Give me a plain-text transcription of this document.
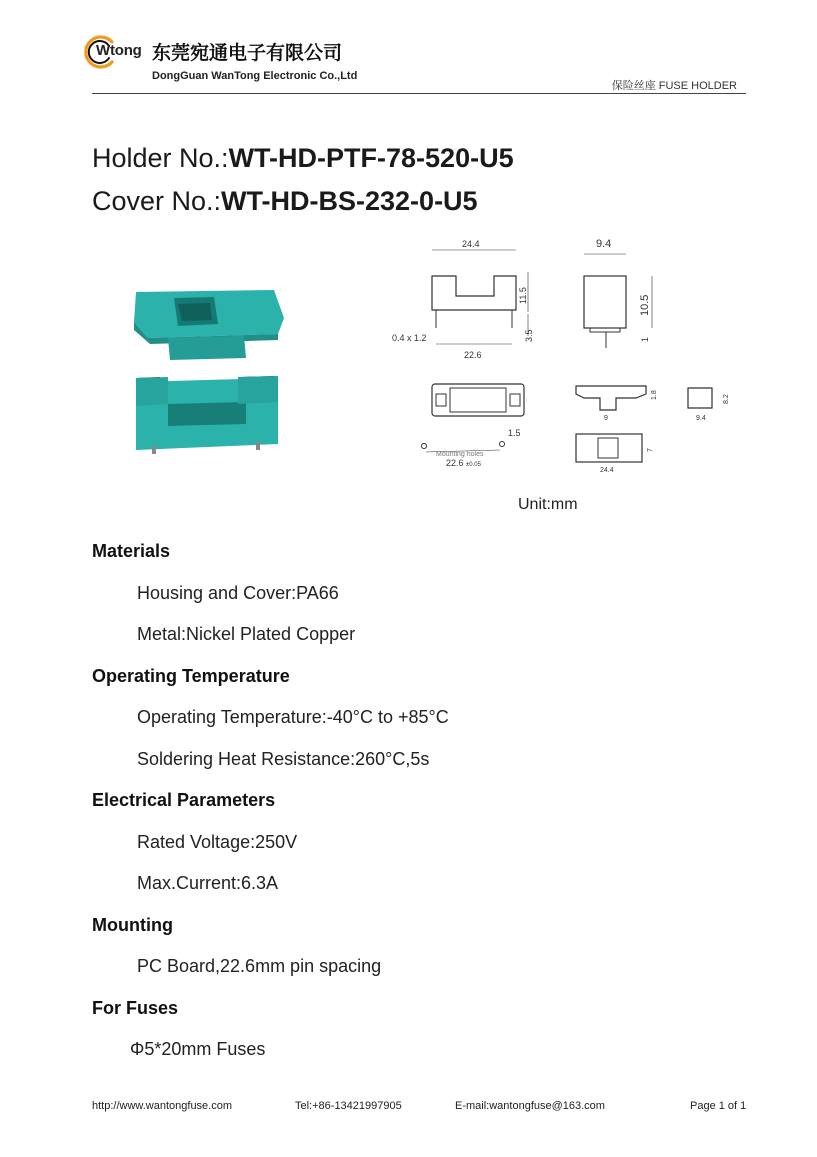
Wtong 东莞宛通电子有限公司
DongGuan WanTong Electronic Co.,Ltd
保险丝座 FUSE HOLDER
Holder No.:WT-HD-PTF-78-520-U5
Cover No.:WT-HD-BS-232-0-U5
24.4
11.5
3.5
0.4 x 1.2
22.6
9.4
10.5
1
Mounting holes
22.6 ±0.05
1.5
9
1.8
7
24.4
9.4
8.2
Unit:mm
Materials
Housing and Cover:PA66
Metal:Nickel Plated Copper
Operating Temperature
Operating Temperature:-40°C to +85°C
Soldering Heat Resistance:260°C,5s
Electrical Parameters
Rated Voltage:250V
Max.Current:6.3A
Mounting
PC Board,22.6mm pin spacing
For Fuses
Φ5*20mm Fuses
http://www.wantongfuse.com	Tel:+86-13421997905	E-mail:wantongfuse@163.com	Page 1 of 1
